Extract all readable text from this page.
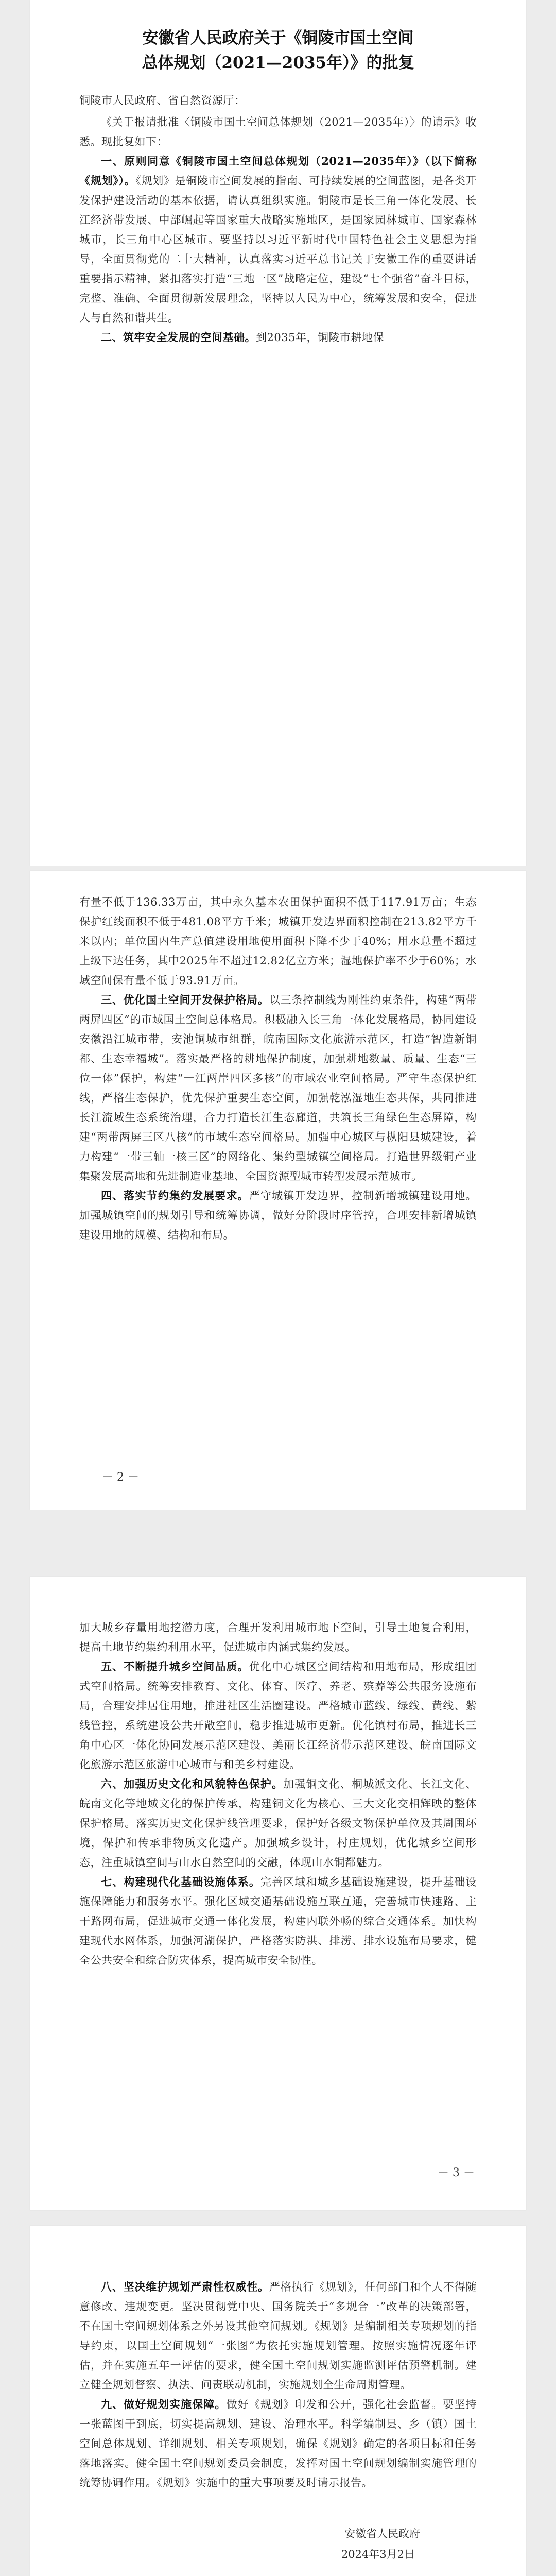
安徽省人民政府关于《铜陵市国土空间
总体规划（2021—2035年）》的批复

铜陵市人民政府、省自然资源厅：

《关于报请批准〈铜陵市国土空间总体规划（2021—2035年）〉的请示》收悉。现批复如下：

一、原则同意《铜陵市国土空间总体规划（2021—2035年）》（以下简称《规划》）。《规划》是铜陵市空间发展的指南、可持续发展的空间蓝图，是各类开发保护建设活动的基本依据，请认真组织实施。铜陵市是长三角一体化发展、长江经济带发展、中部崛起等国家重大战略实施地区，是国家园林城市、国家森林城市，长三角中心区城市。要坚持以习近平新时代中国特色社会主义思想为指导，全面贯彻党的二十大精神，认真落实习近平总书记关于安徽工作的重要讲话重要指示精神，紧扣落实打造“三地一区”战略定位，建设“七个强省”奋斗目标，完整、准确、全面贯彻新发展理念，坚持以人民为中心，统筹发展和安全，促进人与自然和谐共生。

二、筑牢安全发展的空间基础。到2035年，铜陵市耕地保

有量不低于136.33万亩，其中永久基本农田保护面积不低于117.91万亩；生态保护红线面积不低于481.08平方千米；城镇开发边界面积控制在213.82平方千米以内；单位国内生产总值建设用地使用面积下降不少于40%；用水总量不超过上级下达任务，其中2025年不超过12.82亿立方米；湿地保护率不少于60%；水域空间保有量不低于93.91万亩。

三、优化国土空间开发保护格局。以三条控制线为刚性约束条件，构建“两带两屏四区”的市域国土空间总体格局。积极融入长三角一体化发展格局，协同建设安徽沿江城市带，安池铜城市组群，皖南国际文化旅游示范区，打造“智造新铜都、生态幸福城”。落实最严格的耕地保护制度，加强耕地数量、质量、生态“三位一体”保护，构建“一江两岸四区多核”的市域农业空间格局。严守生态保护红线，严格生态保护，优先保护重要生态空间，加强乾泓湿地生态共保，共同推进长江流域生态系统治理，合力打造长江生态廊道，共筑长三角绿色生态屏障，构建“两带两屏三区八核”的市域生态空间格局。加强中心城区与枞阳县城建设，着力构建“一带三轴一核三区”的网络化、集约型城镇空间格局。打造世界级铜产业集聚发展高地和先进制造业基地、全国资源型城市转型发展示范城市。

四、落实节约集约发展要求。严守城镇开发边界，控制新增城镇建设用地。加强城镇空间的规划引导和统筹协调，做好分阶段时序管控，合理安排新增城镇建设用地的规模、结构和布局。

－ 2 －

加大城乡存量用地挖潜力度，合理开发利用城市地下空间，引导土地复合利用，提高土地节约集约利用水平，促进城市内涵式集约发展。

五、不断提升城乡空间品质。优化中心城区空间结构和用地布局，形成组团式空间格局。统筹安排教育、文化、体育、医疗、养老、殡葬等公共服务设施布局，合理安排居住用地，推进社区生活圈建设。严格城市蓝线、绿线、黄线、紫线管控，系统建设公共开敞空间，稳步推进城市更新。优化镇村布局，推进长三角中心区一体化协同发展示范区建设、美丽长江经济带示范区建设、皖南国际文化旅游示范区旅游中心城市与和美乡村建设。

六、加强历史文化和风貌特色保护。加强铜文化、桐城派文化、长江文化、皖南文化等地域文化的保护传承，构建铜文化为核心、三大文化交相辉映的整体保护格局。落实历史文化保护线管理要求，保护好各级文物保护单位及其周围环境，保护和传承非物质文化遗产。加强城乡设计，村庄规划，优化城乡空间形态，注重城镇空间与山水自然空间的交融，体现山水铜都魅力。

七、构建现代化基础设施体系。完善区域和城乡基础设施建设，提升基础设施保障能力和服务水平。强化区域交通基础设施互联互通，完善城市快速路、主干路网布局，促进城市交通一体化发展，构建内联外畅的综合交通体系。加快构建现代水网体系，加强河湖保护，严格落实防洪、排涝、排水设施布局要求，健全公共安全和综合防灾体系，提高城市安全韧性。

－ 3 －

八、坚决维护规划严肃性权威性。严格执行《规划》，任何部门和个人不得随意修改、违规变更。坚决贯彻党中央、国务院关于“多规合一”改革的决策部署，不在国土空间规划体系之外另设其他空间规划。《规划》是编制相关专项规划的指导约束，以国土空间规划“一张图”为依托实施规划管理。按照实施情况逐年评估，并在实施五年一评估的要求，健全国土空间规划实施监测评估预警机制。建立健全规划督察、执法、问责联动机制，实施规划全生命周期管理。

九、做好规划实施保障。做好《规划》印发和公开，强化社会监督。要坚持一张蓝图干到底，切实提高规划、建设、治理水平。科学编制县、乡（镇）国土空间总体规划、详细规划、相关专项规划，确保《规划》确定的各项目标和任务落地落实。健全国土空间规划委员会制度，发挥对国土空间规划编制实施管理的统筹协调作用。《规划》实施中的重大事项要及时请示报告。

安徽省人民政府
2024年3月2日
